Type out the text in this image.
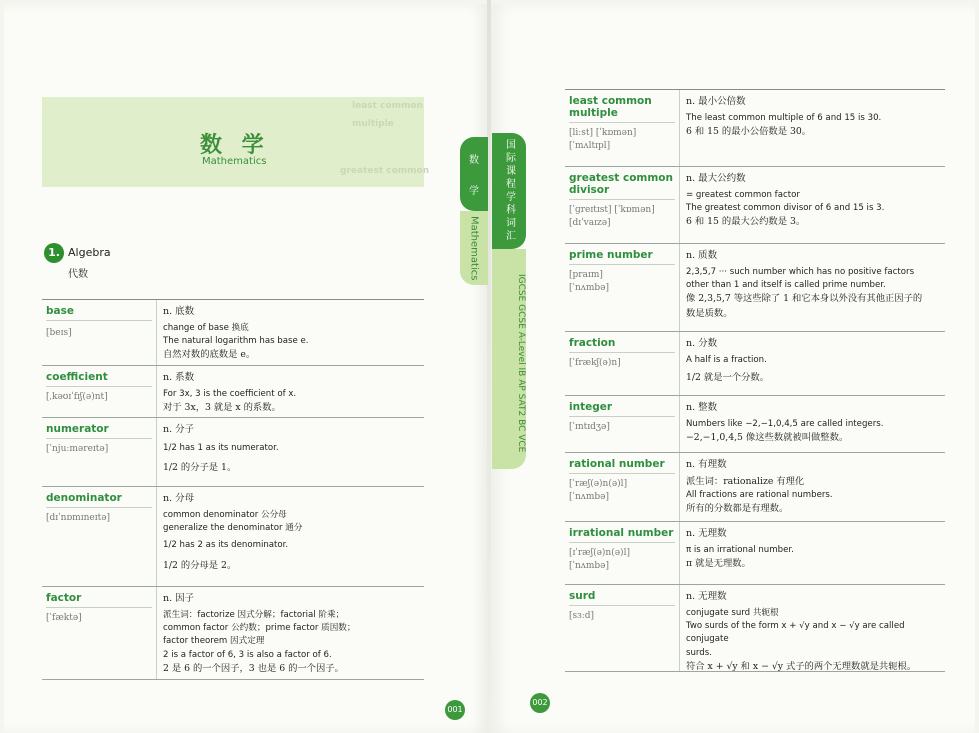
least common
multiple
greatest common
数 学
Mathematics	数
学
Mathematics
国际课程学科词汇
IGCSE GCSE A-Level IB AP SAT2 BC VCE
1. Algebra
代数
base
[beɪs]
n. 底数
change of base 换底
The natural logarithm has base e.
自然对数的底数是 e。
coefficient
[ˌkəʊɪˈfɪʃ(ə)nt]
n. 系数
For 3x, 3 is the coefficient of x.
对于 3x，3 就是 x 的系数。
numerator
[ˈnjuːməreɪtə]
n. 分子
1/2 has 1 as its numerator.
1/2 的分子是 1。
denominator
[dɪˈnɒmɪneɪtə]
n. 分母
common denominator 公分母
generalize the denominator 通分
1/2 has 2 as its denominator.
1/2 的分母是 2。
factor
[ˈfæktə]
n. 因子
派生词：factorize 因式分解；factorial 阶乘；
common factor 公约数；prime factor 质因数；
factor theorem 因式定理
2 is a factor of 6, 3 is also a factor of 6.
2 是 6 的一个因子，3 也是 6 的一个因子。
least common
multiple
[liːst] [ˈkɒmən]
[ˈmʌltɪpl]
n. 最小公倍数
The least common multiple of 6 and 15 is 30.
6 和 15 的最小公倍数是 30。
greatest common
divisor
[ˈɡreɪtɪst] [ˈkɒmən]
[dɪˈvaɪzə]
n. 最大公约数
= greatest common factor
The greatest common divisor of 6 and 15 is 3.
6 和 15 的最大公约数是 3。
prime number
[praɪm]
[ˈnʌmbə]
n. 质数
2,3,5,7 ··· such number which has no positive factors
other than 1 and itself is called prime number.
像 2,3,5,7 等这些除了 1 和它本身以外没有其他正因子的
数是质数。
fraction
[ˈfrækʃ(ə)n]
n. 分数
A half is a fraction.
1/2 就是一个分数。
integer
[ˈɪntɪdʒə]
n. 整数
Numbers like −2,−1,0,4,5 are called integers.
−2,−1,0,4,5 像这些数就被叫做整数。
rational number
[ˈræʃ(ə)n(ə)l]
[ˈnʌmbə]
n. 有理数
派生词：rationalize 有理化
All fractions are rational numbers.
所有的分数都是有理数。
irrational number
[ɪˈræʃ(ə)n(ə)l]
[ˈnʌmbə]
n. 无理数
π is an irrational number.
π 就是无理数。
surd
[sɜːd]
n. 无理数
conjugate surd 共轭根
Two surds of the form x + √y and x − √y are called conjugate
surds.
符合 x + √y 和 x − √y 式子的两个无理数就是共轭根。
001
002
